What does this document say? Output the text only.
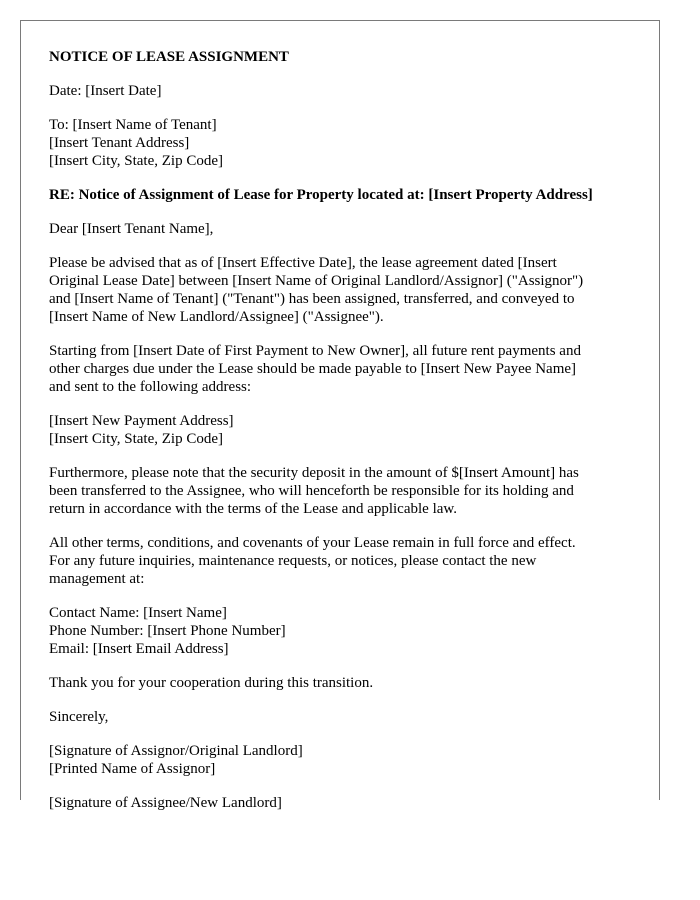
NOTICE OF LEASE ASSIGNMENT
Date: [Insert Date]
To: [Insert Name of Tenant]
[Insert Tenant Address]
[Insert City, State, Zip Code]
RE: Notice of Assignment of Lease for Property located at: [Insert Property Address]
Dear [Insert Tenant Name],
Please be advised that as of [Insert Effective Date], the lease agreement dated [Insert
Original Lease Date] between [Insert Name of Original Landlord/Assignor] ("Assignor")
and [Insert Name of Tenant] ("Tenant") has been assigned, transferred, and conveyed to
[Insert Name of New Landlord/Assignee] ("Assignee").
Starting from [Insert Date of First Payment to New Owner], all future rent payments and
other charges due under the Lease should be made payable to [Insert New Payee Name]
and sent to the following address:
[Insert New Payment Address]
[Insert City, State, Zip Code]
Furthermore, please note that the security deposit in the amount of $[Insert Amount] has
been transferred to the Assignee, who will henceforth be responsible for its holding and
return in accordance with the terms of the Lease and applicable law.
All other terms, conditions, and covenants of your Lease remain in full force and effect.
For any future inquiries, maintenance requests, or notices, please contact the new
management at:
Contact Name: [Insert Name]
Phone Number: [Insert Phone Number]
Email: [Insert Email Address]
Thank you for your cooperation during this transition.
Sincerely,
[Signature of Assignor/Original Landlord]
[Printed Name of Assignor]
[Signature of Assignee/New Landlord]
